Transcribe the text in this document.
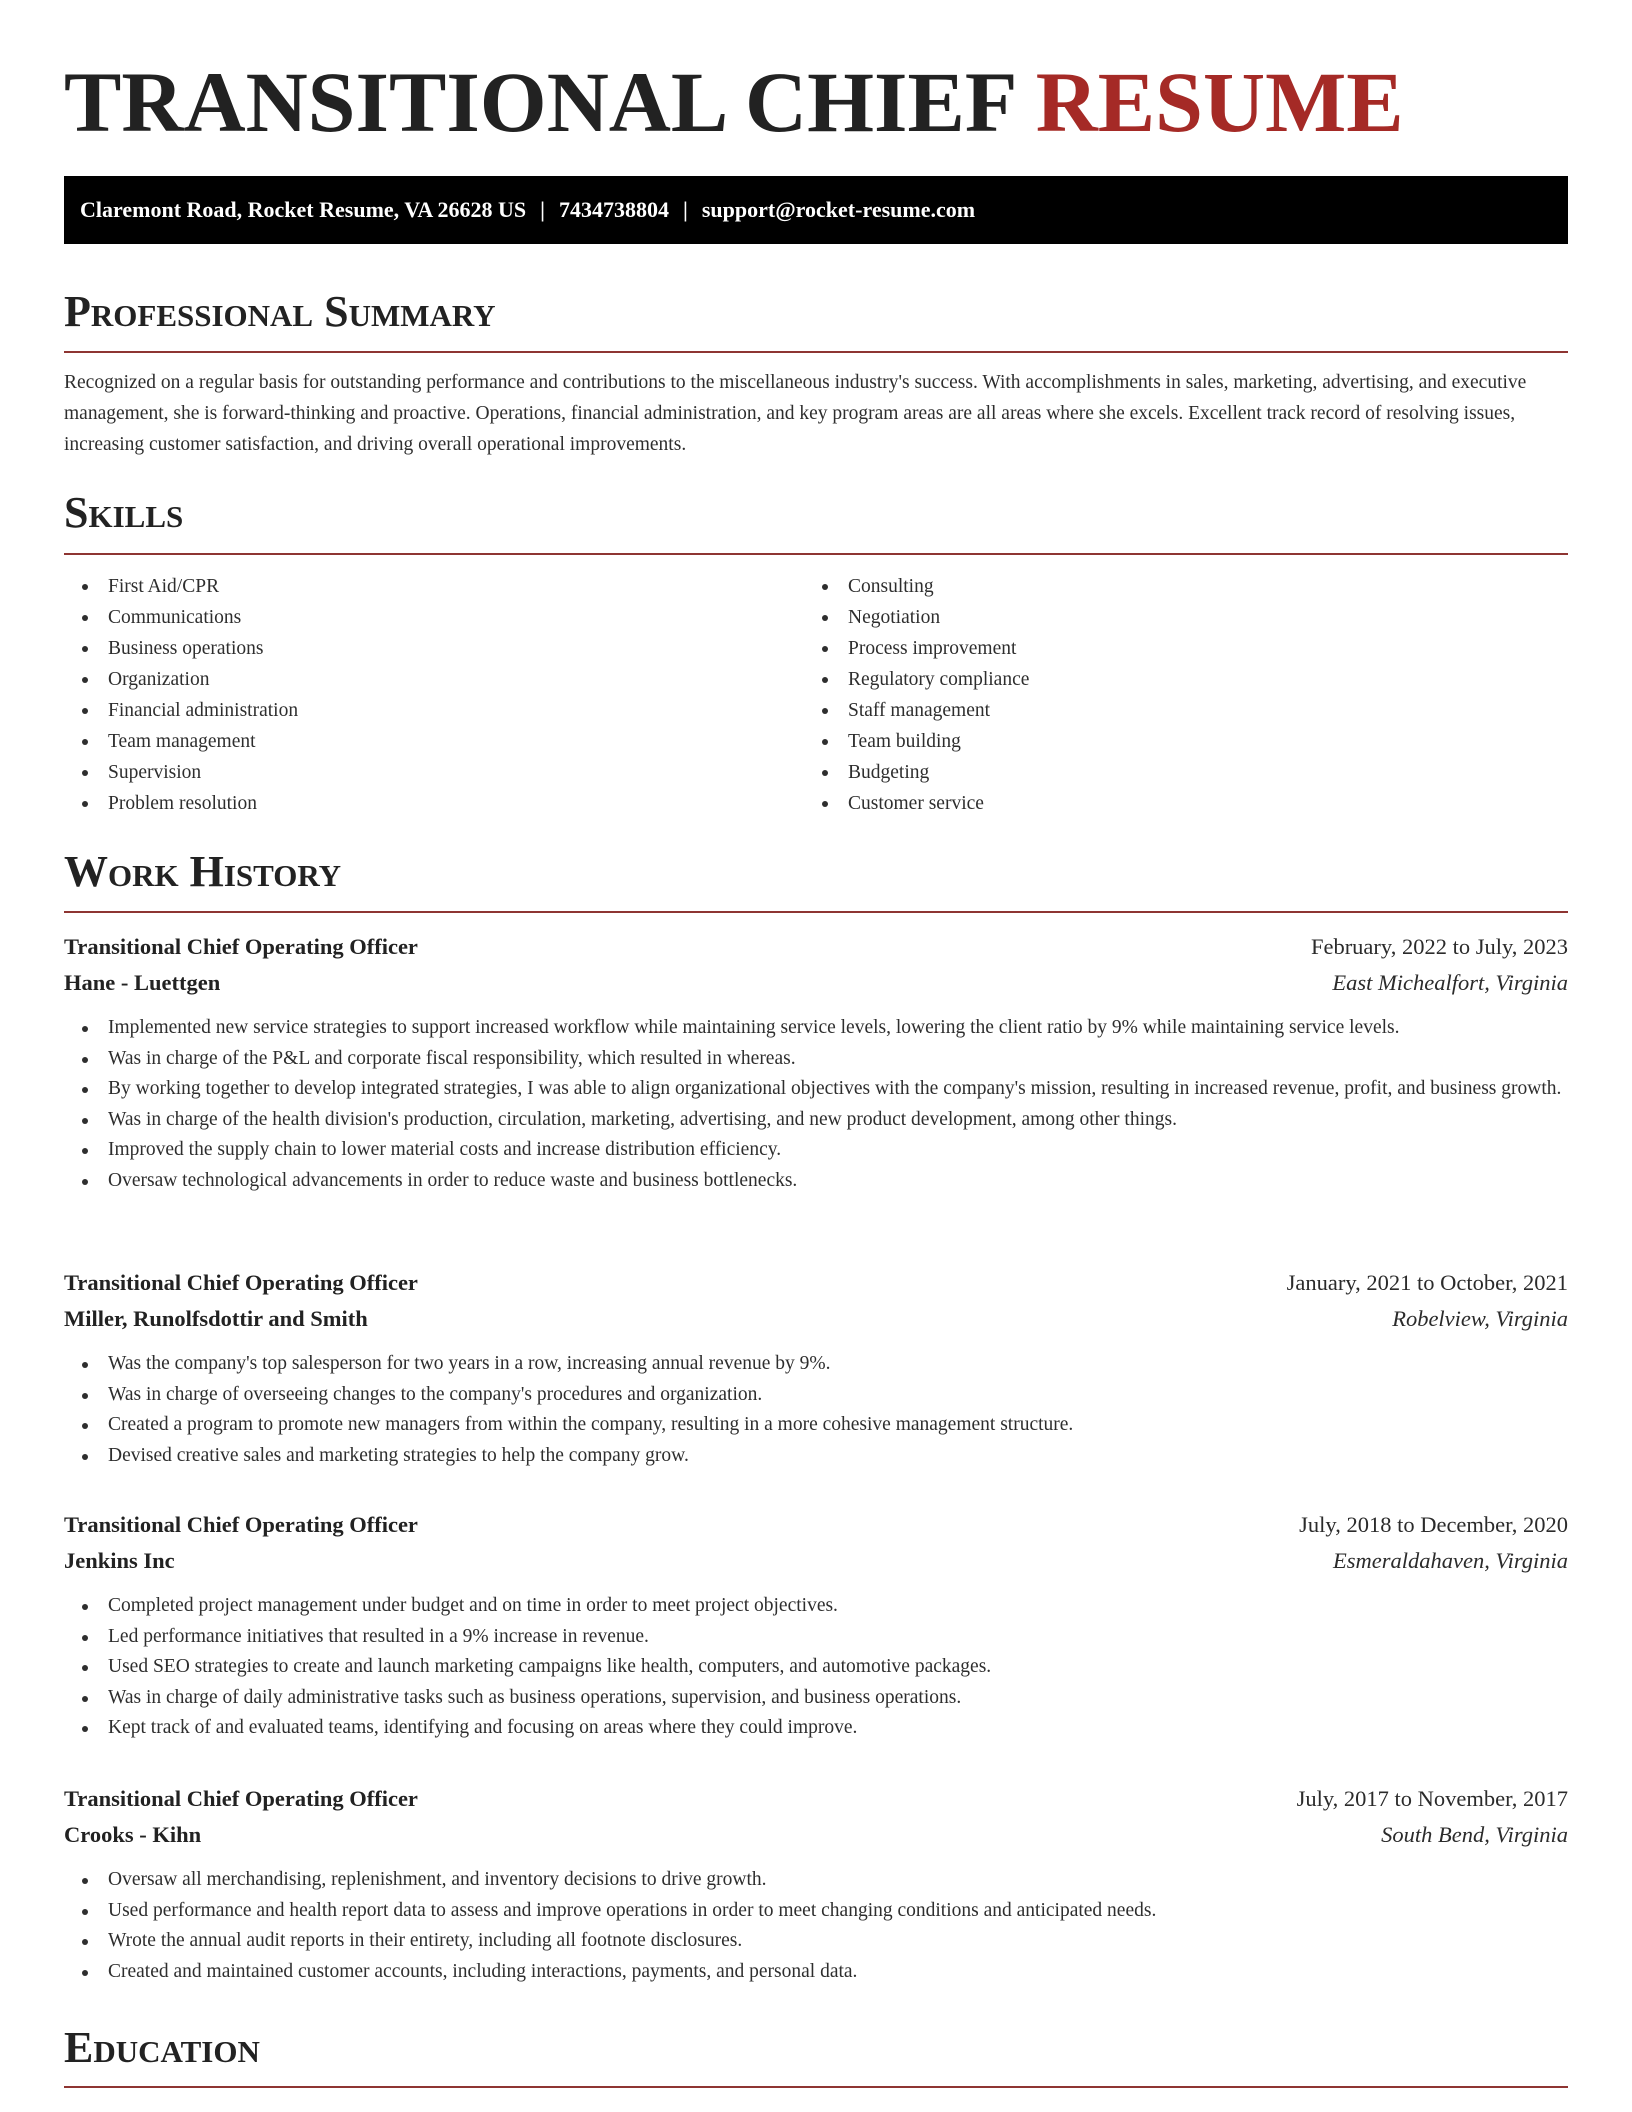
TRANSITIONAL CHIEF RESUME
Claremont Road, Rocket Resume, VA 26628 US | 7434738804 | support@rocket-resume.com
Professional Summary
Recognized on a regular basis for outstanding performance and contributions to the miscellaneous industry's success. With accomplishments in sales, marketing, advertising, and executive management, she is forward-thinking and proactive. Operations, financial administration, and key program areas are all areas where she excels. Excellent track record of resolving issues, increasing customer satisfaction, and driving overall operational improvements.
Skills
First Aid/CPR
Communications
Business operations
Organization
Financial administration
Team management
Supervision
Problem resolution
Consulting
Negotiation
Process improvement
Regulatory compliance
Staff management
Team building
Budgeting
Customer service
Work History
Transitional Chief Operating Officer	February, 2022 to July, 2023
Hane - Luettgen	East Michealfort, Virginia
Implemented new service strategies to support increased workflow while maintaining service levels, lowering the client ratio by 9% while maintaining service levels.
Was in charge of the P&L and corporate fiscal responsibility, which resulted in whereas.
By working together to develop integrated strategies, I was able to align organizational objectives with the company's mission, resulting in increased revenue, profit, and business growth.
Was in charge of the health division's production, circulation, marketing, advertising, and new product development, among other things.
Improved the supply chain to lower material costs and increase distribution efficiency.
Oversaw technological advancements in order to reduce waste and business bottlenecks.
Transitional Chief Operating Officer	January, 2021 to October, 2021
Miller, Runolfsdottir and Smith	Robelview, Virginia
Was the company's top salesperson for two years in a row, increasing annual revenue by 9%.
Was in charge of overseeing changes to the company's procedures and organization.
Created a program to promote new managers from within the company, resulting in a more cohesive management structure.
Devised creative sales and marketing strategies to help the company grow.
Transitional Chief Operating Officer	July, 2018 to December, 2020
Jenkins Inc	Esmeraldahaven, Virginia
Completed project management under budget and on time in order to meet project objectives.
Led performance initiatives that resulted in a 9% increase in revenue.
Used SEO strategies to create and launch marketing campaigns like health, computers, and automotive packages.
Was in charge of daily administrative tasks such as business operations, supervision, and business operations.
Kept track of and evaluated teams, identifying and focusing on areas where they could improve.
Transitional Chief Operating Officer	July, 2017 to November, 2017
Crooks - Kihn	South Bend, Virginia
Oversaw all merchandising, replenishment, and inventory decisions to drive growth.
Used performance and health report data to assess and improve operations in order to meet changing conditions and anticipated needs.
Wrote the annual audit reports in their entirety, including all footnote disclosures.
Created and maintained customer accounts, including interactions, payments, and personal data.
Education
